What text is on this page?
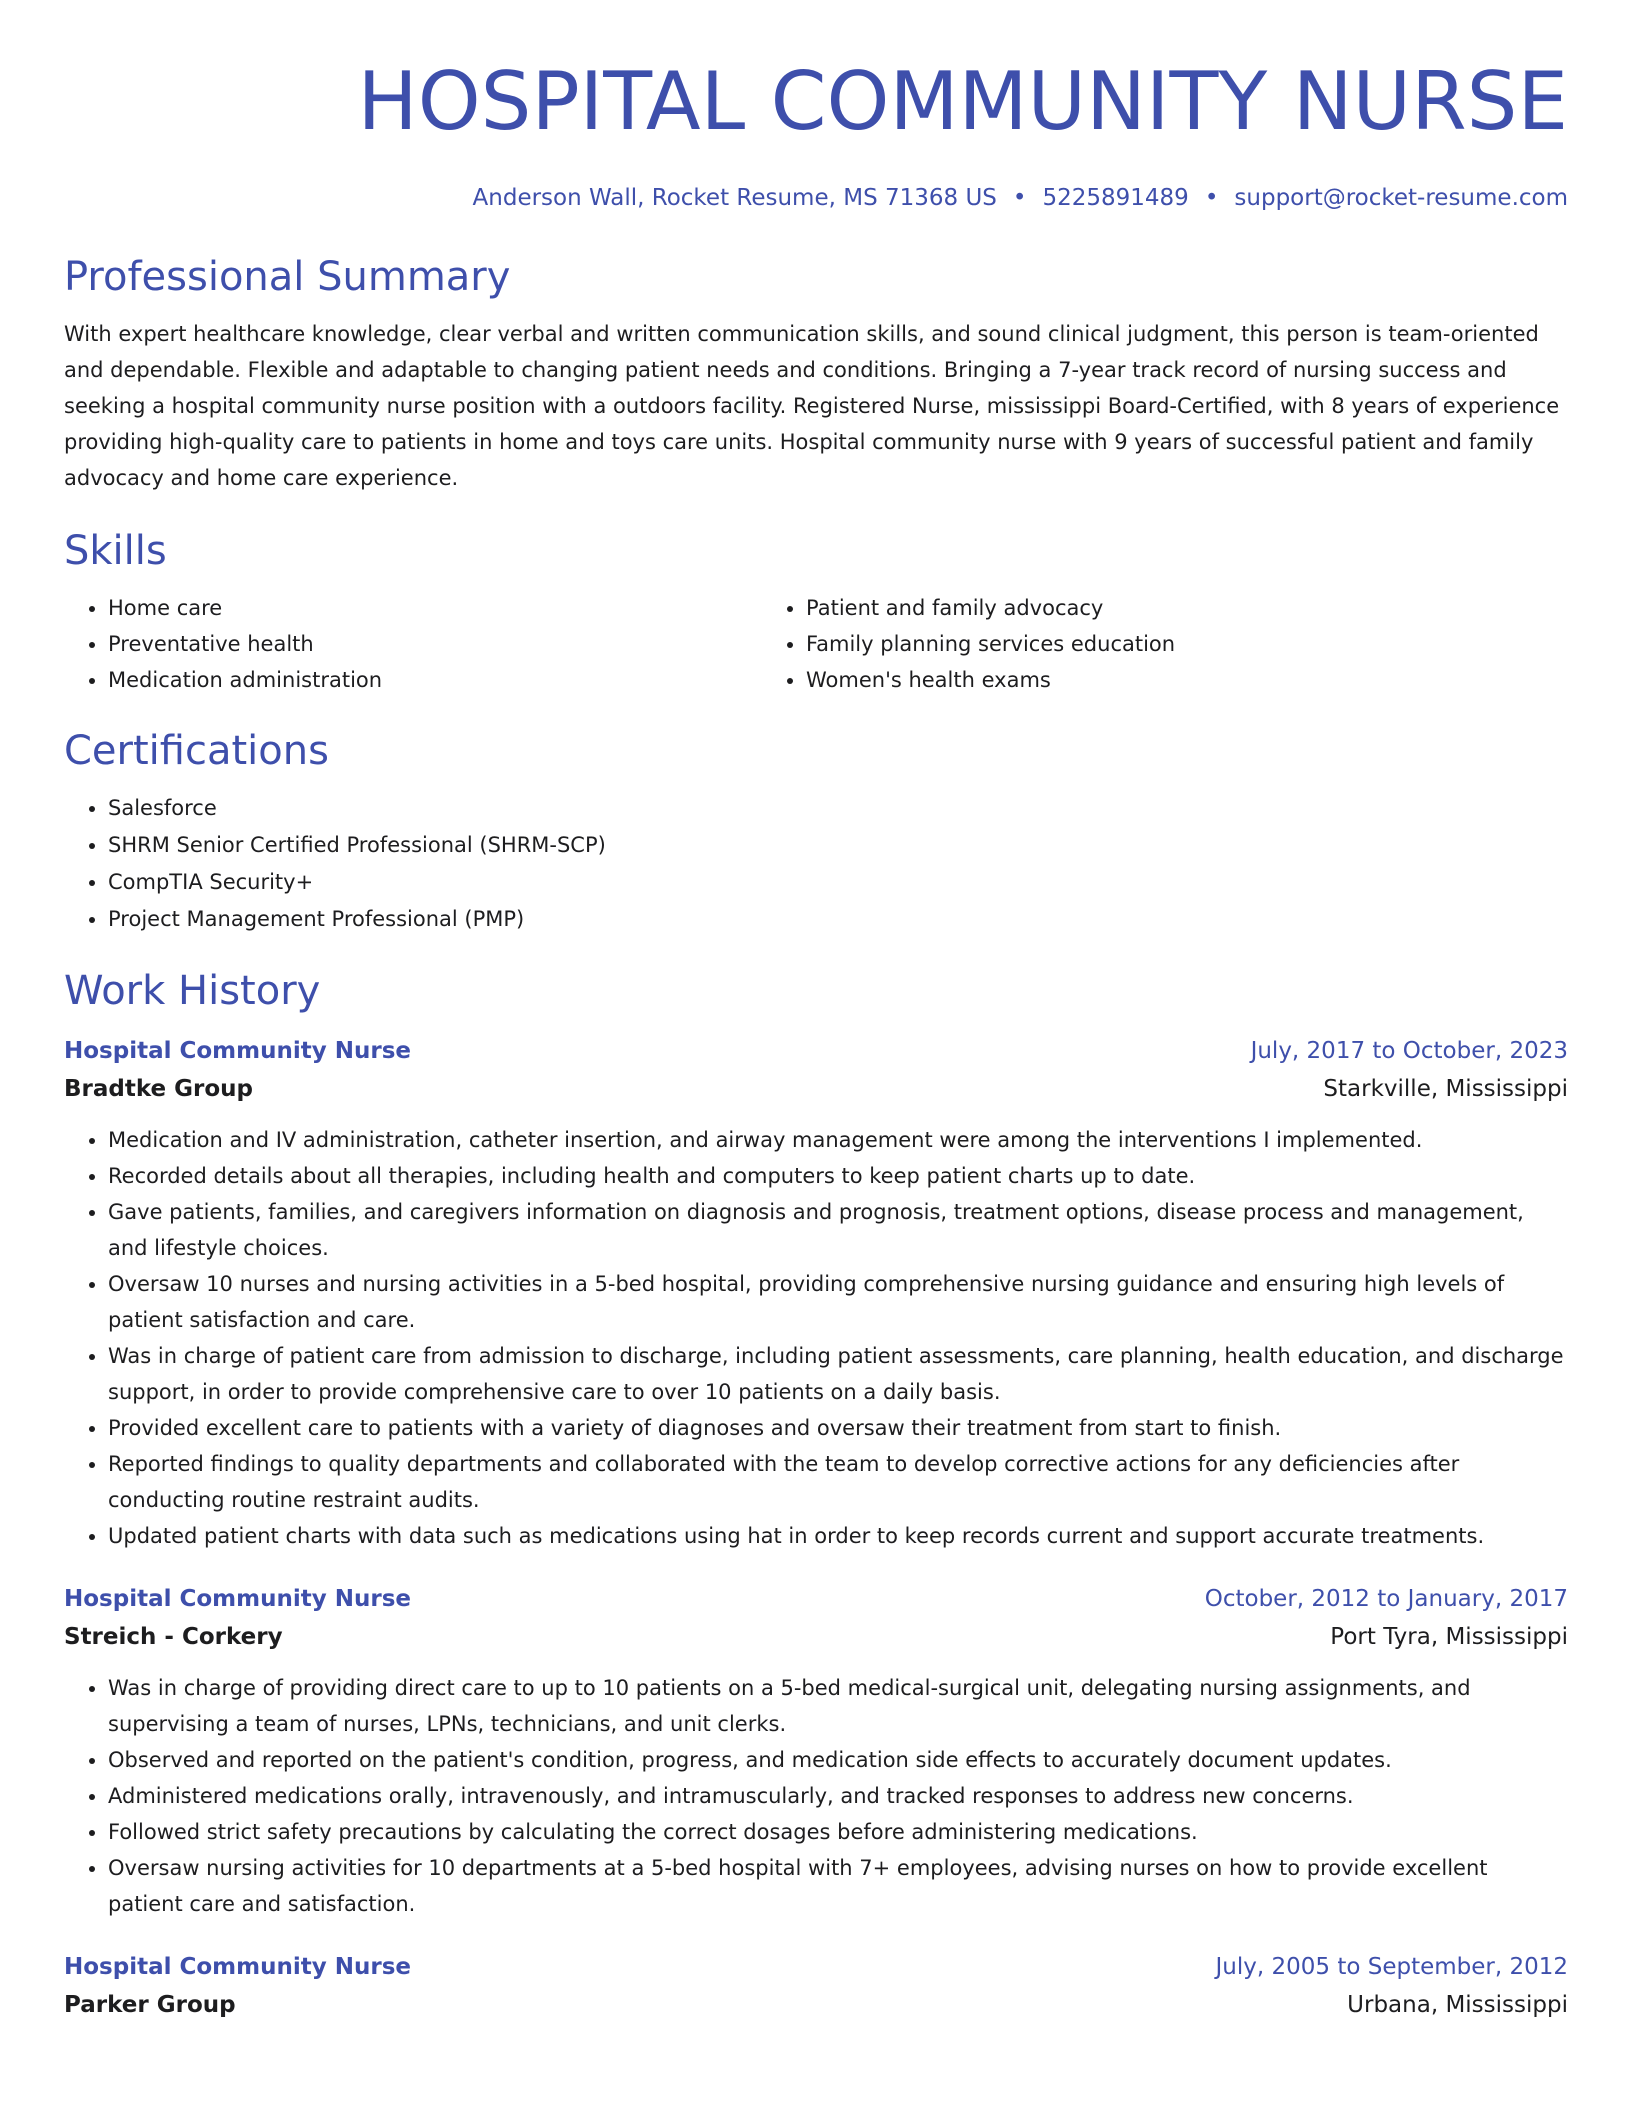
HOSPITAL COMMUNITY NURSE
Anderson Wall, Rocket Resume, MS 71368 US • 5225891489 • support@rocket-resume.com
Professional Summary
With expert healthcare knowledge, clear verbal and written communication skills, and sound clinical judgment, this person is team-oriented and dependable. Flexible and adaptable to changing patient needs and conditions. Bringing a 7-year track record of nursing success and seeking a hospital community nurse position with a outdoors facility. Registered Nurse, mississippi Board-Certified, with 8 years of experience providing high-quality care to patients in home and toys care units. Hospital community nurse with 9 years of successful patient and family advocacy and home care experience.
Skills
• Home care
• Preventative health
• Medication administration
• Patient and family advocacy
• Family planning services education
• Women's health exams
Certifications
• Salesforce
• SHRM Senior Certified Professional (SHRM-SCP)
• CompTIA Security+
• Project Management Professional (PMP)
Work History
Hospital Community Nurse	July, 2017 to October, 2023
Bradtke Group	Starkville, Mississippi
• Medication and IV administration, catheter insertion, and airway management were among the interventions I implemented.
• Recorded details about all therapies, including health and computers to keep patient charts up to date.
• Gave patients, families, and caregivers information on diagnosis and prognosis, treatment options, disease process and management, and lifestyle choices.
• Oversaw 10 nurses and nursing activities in a 5-bed hospital, providing comprehensive nursing guidance and ensuring high levels of patient satisfaction and care.
• Was in charge of patient care from admission to discharge, including patient assessments, care planning, health education, and discharge support, in order to provide comprehensive care to over 10 patients on a daily basis.
• Provided excellent care to patients with a variety of diagnoses and oversaw their treatment from start to finish.
• Reported findings to quality departments and collaborated with the team to develop corrective actions for any deficiencies after conducting routine restraint audits.
• Updated patient charts with data such as medications using hat in order to keep records current and support accurate treatments.
Hospital Community Nurse	October, 2012 to January, 2017
Streich - Corkery	Port Tyra, Mississippi
• Was in charge of providing direct care to up to 10 patients on a 5-bed medical-surgical unit, delegating nursing assignments, and supervising a team of nurses, LPNs, technicians, and unit clerks.
• Observed and reported on the patient's condition, progress, and medication side effects to accurately document updates.
• Administered medications orally, intravenously, and intramuscularly, and tracked responses to address new concerns.
• Followed strict safety precautions by calculating the correct dosages before administering medications.
• Oversaw nursing activities for 10 departments at a 5-bed hospital with 7+ employees, advising nurses on how to provide excellent patient care and satisfaction.
Hospital Community Nurse	July, 2005 to September, 2012
Parker Group	Urbana, Mississippi
